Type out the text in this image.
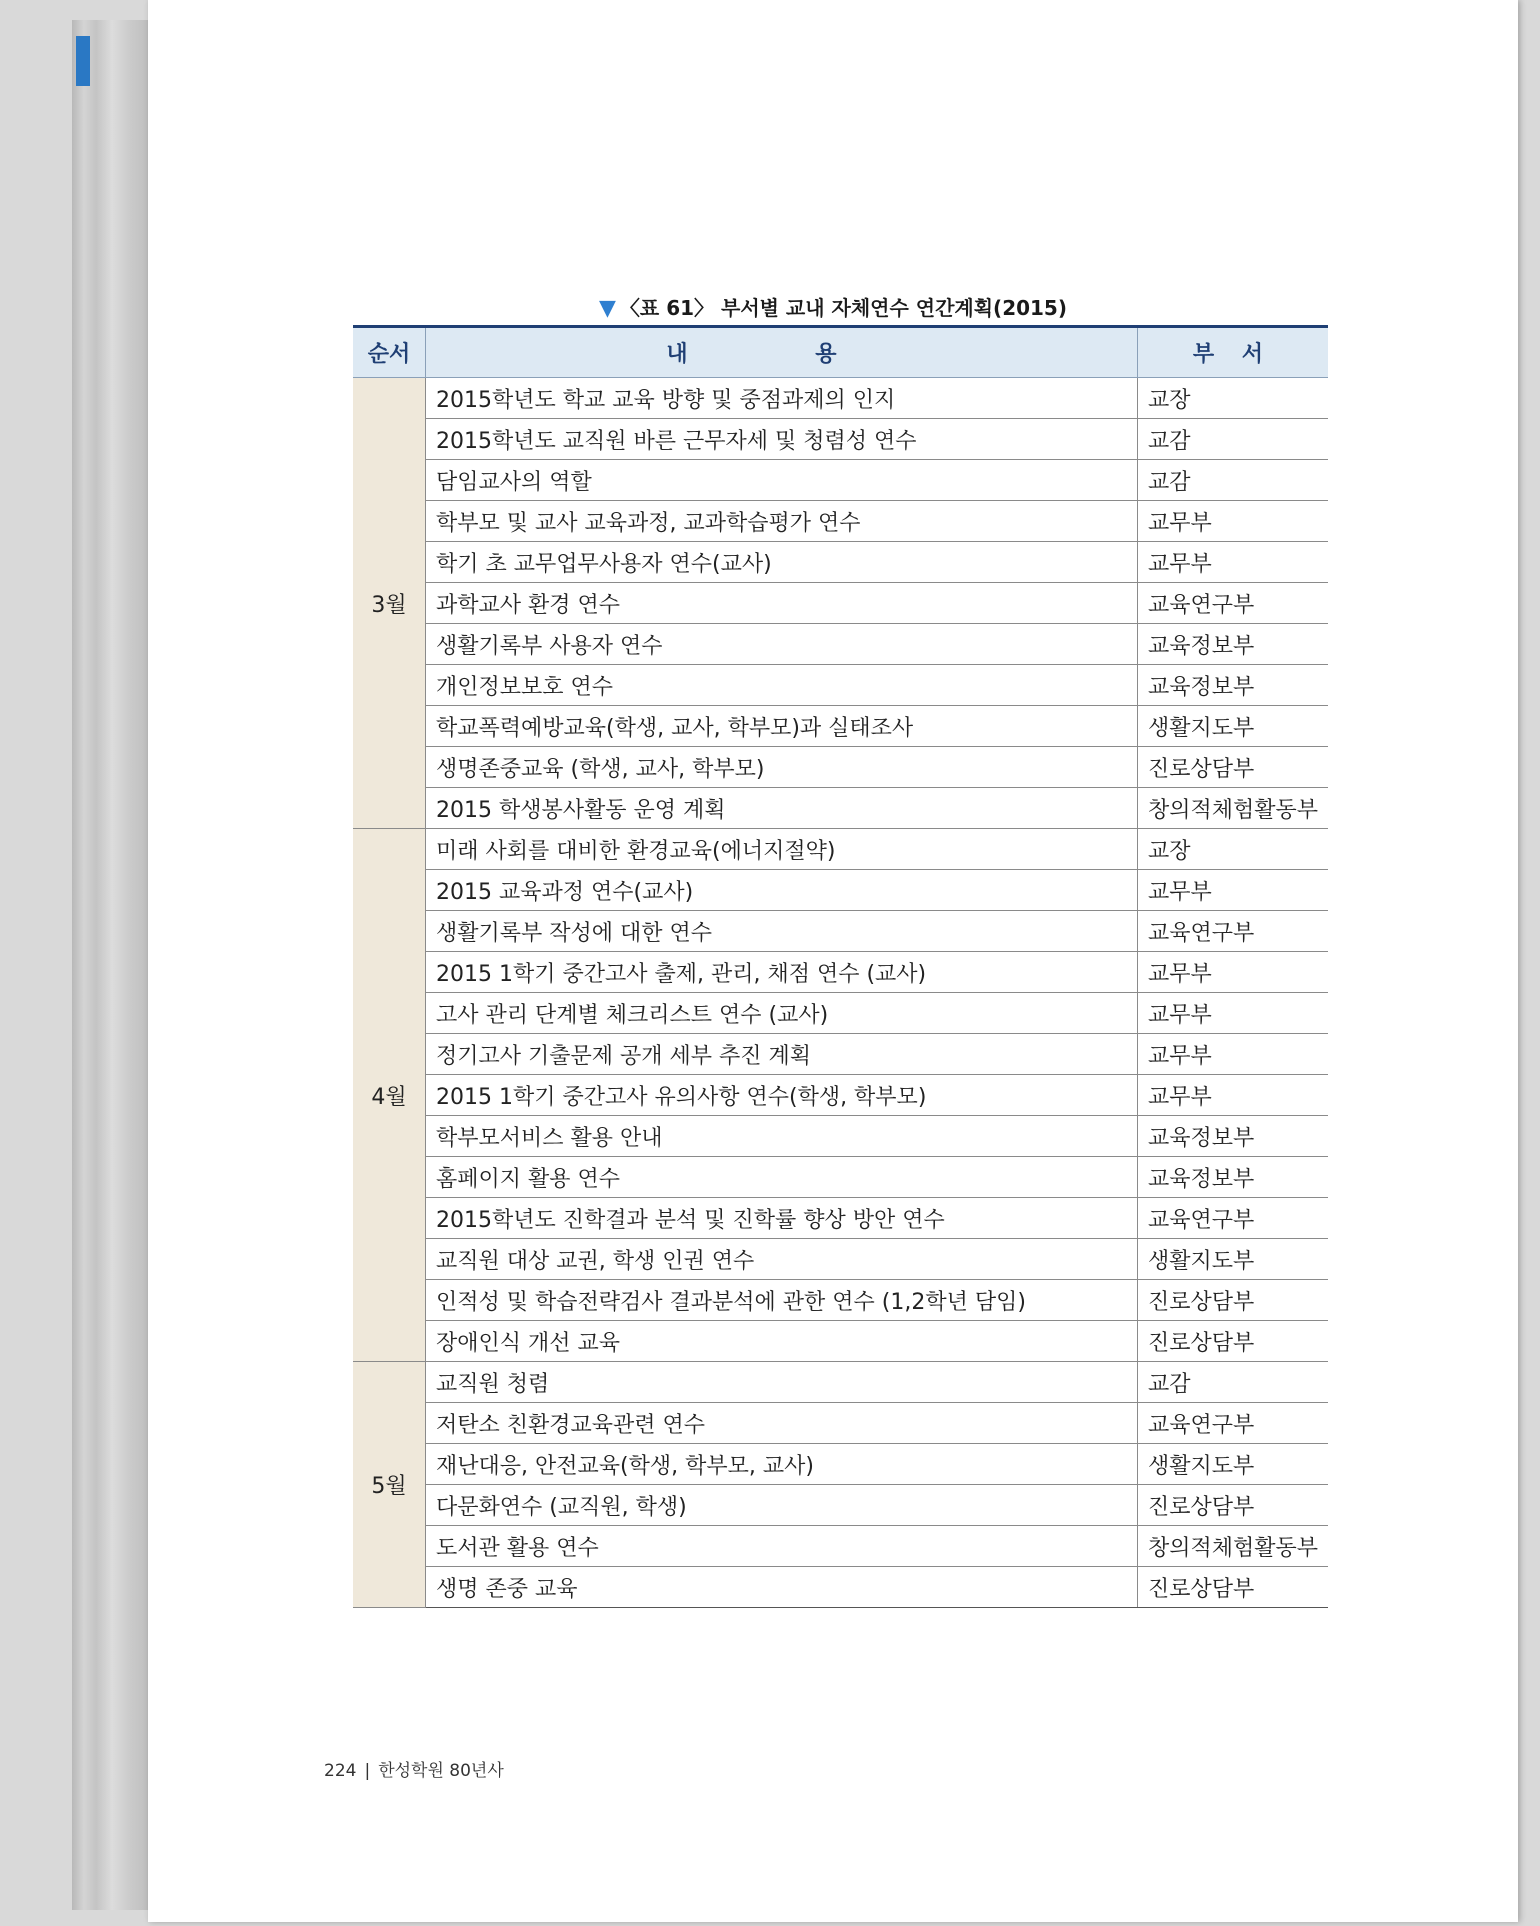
▼ 〈표 61〉 부서별 교내 자체연수 연간계획(2015)
순서	내 용	부 서
3월	2015학년도 학교 교육 방향 및 중점과제의 인지	교장
	2015학년도 교직원 바른 근무자세 및 청렴성 연수	교감
	담임교사의 역할	교감
	학부모 및 교사 교육과정, 교과학습평가 연수	교무부
	학기 초 교무업무사용자 연수(교사)	교무부
	과학교사 환경 연수	교육연구부
	생활기록부 사용자 연수	교육정보부
	개인정보보호 연수	교육정보부
	학교폭력예방교육(학생, 교사, 학부모)과 실태조사	생활지도부
	생명존중교육 (학생, 교사, 학부모)	진로상담부
	2015 학생봉사활동 운영 계획	창의적체험활동부
4월	미래 사회를 대비한 환경교육(에너지절약)	교장
	2015 교육과정 연수(교사)	교무부
	생활기록부 작성에 대한 연수	교육연구부
	2015 1학기 중간고사 출제, 관리, 채점 연수 (교사)	교무부
	고사 관리 단계별 체크리스트 연수 (교사)	교무부
	정기고사 기출문제 공개 세부 추진 계획	교무부
	2015 1학기 중간고사 유의사항 연수(학생, 학부모)	교무부
	학부모서비스 활용 안내	교육정보부
	홈페이지 활용 연수	교육정보부
	2015학년도 진학결과 분석 및 진학률 향상 방안 연수	교육연구부
	교직원 대상 교권, 학생 인권 연수	생활지도부
	인적성 및 학습전략검사 결과분석에 관한 연수 (1,2학년 담임)	진로상담부
	장애인식 개선 교육	진로상담부
5월	교직원 청렴	교감
	저탄소 친환경교육관련 연수	교육연구부
	재난대응, 안전교육(학생, 학부모, 교사)	생활지도부
	다문화연수 (교직원, 학생)	진로상담부
	도서관 활용 연수	창의적체험활동부
	생명 존중 교육	진로상담부
224 | 한성학원 80년사
